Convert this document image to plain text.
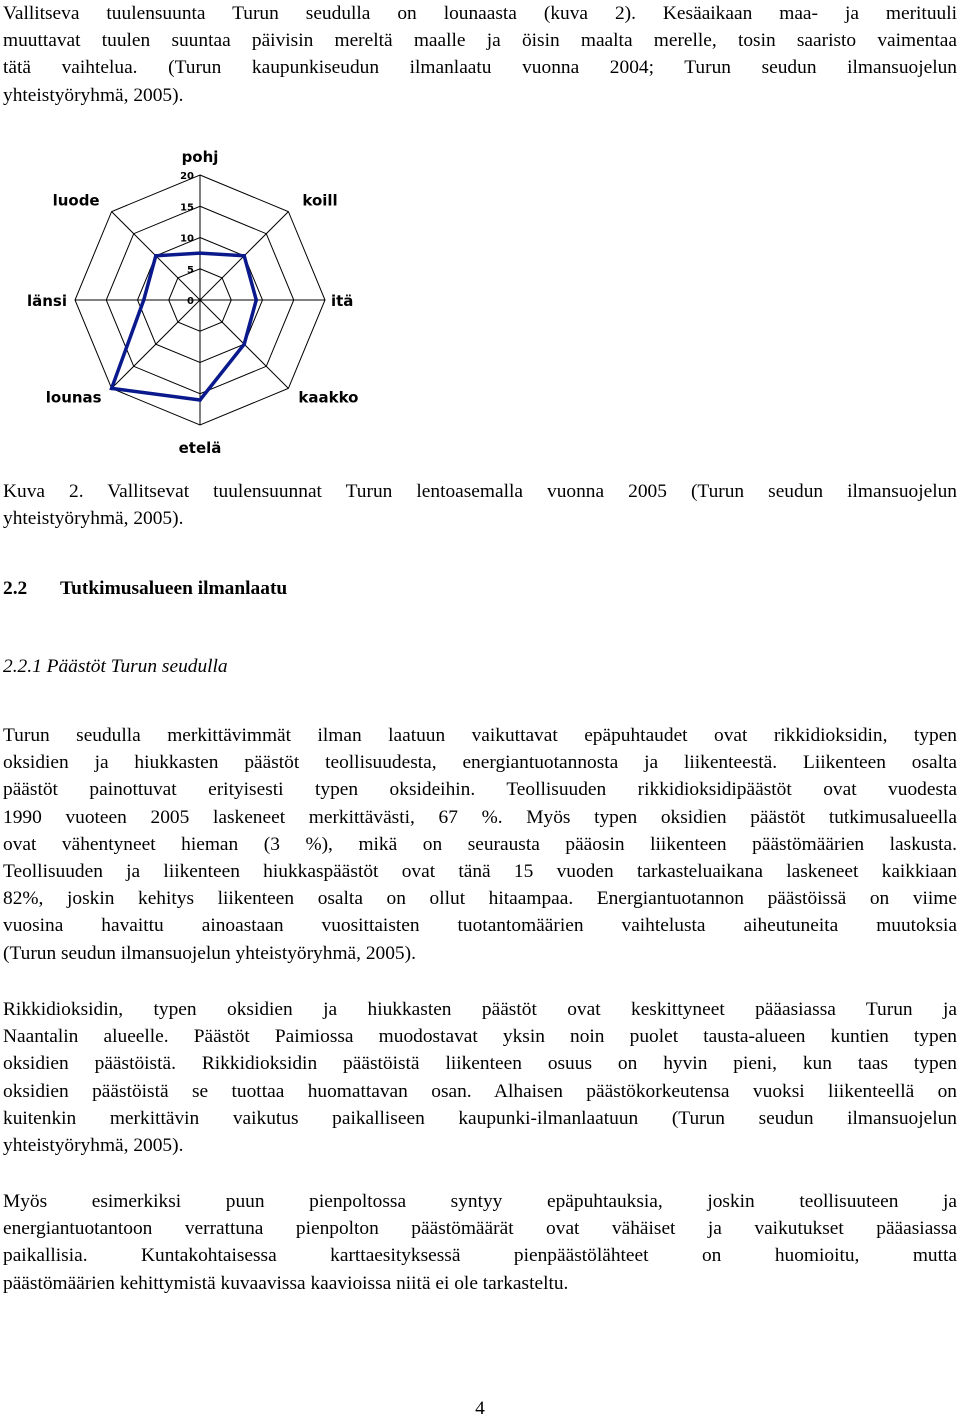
Vallitseva tuulensuunta Turun seudulla on lounaasta (kuva 2). Kesäaikaan maa- ja merituuli
muuttavat tuulen suuntaa päivisin mereltä maalle ja öisin maalta merelle, tosin saaristo vaimentaa
tätä vaihtelua. (Turun kaupunkiseudun ilmanlaatu vuonna 2004; Turun seudun ilmansuojelun
yhteistyöryhmä, 2005).
0
5
10
15
20
pohj
koill
itä
kaakko
etelä
lounas
länsi
luode
Kuva 2. Vallitsevat tuulensuunnat Turun lentoasemalla vuonna 2005 (Turun seudun ilmansuojelun
yhteistyöryhmä, 2005).
2.2 Tutkimusalueen ilmanlaatu
2.2.1 Päästöt Turun seudulla
Turun seudulla merkittävimmät ilman laatuun vaikuttavat epäpuhtaudet ovat rikkidioksidin, typen
oksidien ja hiukkasten päästöt teollisuudesta, energiantuotannosta ja liikenteestä. Liikenteen osalta
päästöt painottuvat erityisesti typen oksideihin. Teollisuuden rikkidioksidipäästöt ovat vuodesta
1990 vuoteen 2005 laskeneet merkittävästi, 67 %. Myös typen oksidien päästöt tutkimusalueella
ovat vähentyneet hieman (3 %), mikä on seurausta pääosin liikenteen päästömäärien laskusta.
Teollisuuden ja liikenteen hiukkaspäästöt ovat tänä 15 vuoden tarkasteluaikana laskeneet kaikkiaan
82%, joskin kehitys liikenteen osalta on ollut hitaampaa. Energiantuotannon päästöissä on viime
vuosina havaittu ainoastaan vuosittaisten tuotantomäärien vaihtelusta aiheutuneita muutoksia
(Turun seudun ilmansuojelun yhteistyöryhmä, 2005).
Rikkidioksidin, typen oksidien ja hiukkasten päästöt ovat keskittyneet pääasiassa Turun ja
Naantalin alueelle. Päästöt Paimiossa muodostavat yksin noin puolet tausta-alueen kuntien typen
oksidien päästöistä. Rikkidioksidin päästöistä liikenteen osuus on hyvin pieni, kun taas typen
oksidien päästöistä se tuottaa huomattavan osan. Alhaisen päästökorkeutensa vuoksi liikenteellä on
kuitenkin merkittävin vaikutus paikalliseen kaupunki-ilmanlaatuun (Turun seudun ilmansuojelun
yhteistyöryhmä, 2005).
Myös esimerkiksi puun pienpoltossa syntyy epäpuhtauksia, joskin teollisuuteen ja
energiantuotantoon verrattuna pienpolton päästömäärät ovat vähäiset ja vaikutukset pääasiassa
paikallisia. Kuntakohtaisessa karttaesityksessä pienpäästölähteet on huomioitu, mutta
päästömäärien kehittymistä kuvaavissa kaavioissa niitä ei ole tarkasteltu.
4
